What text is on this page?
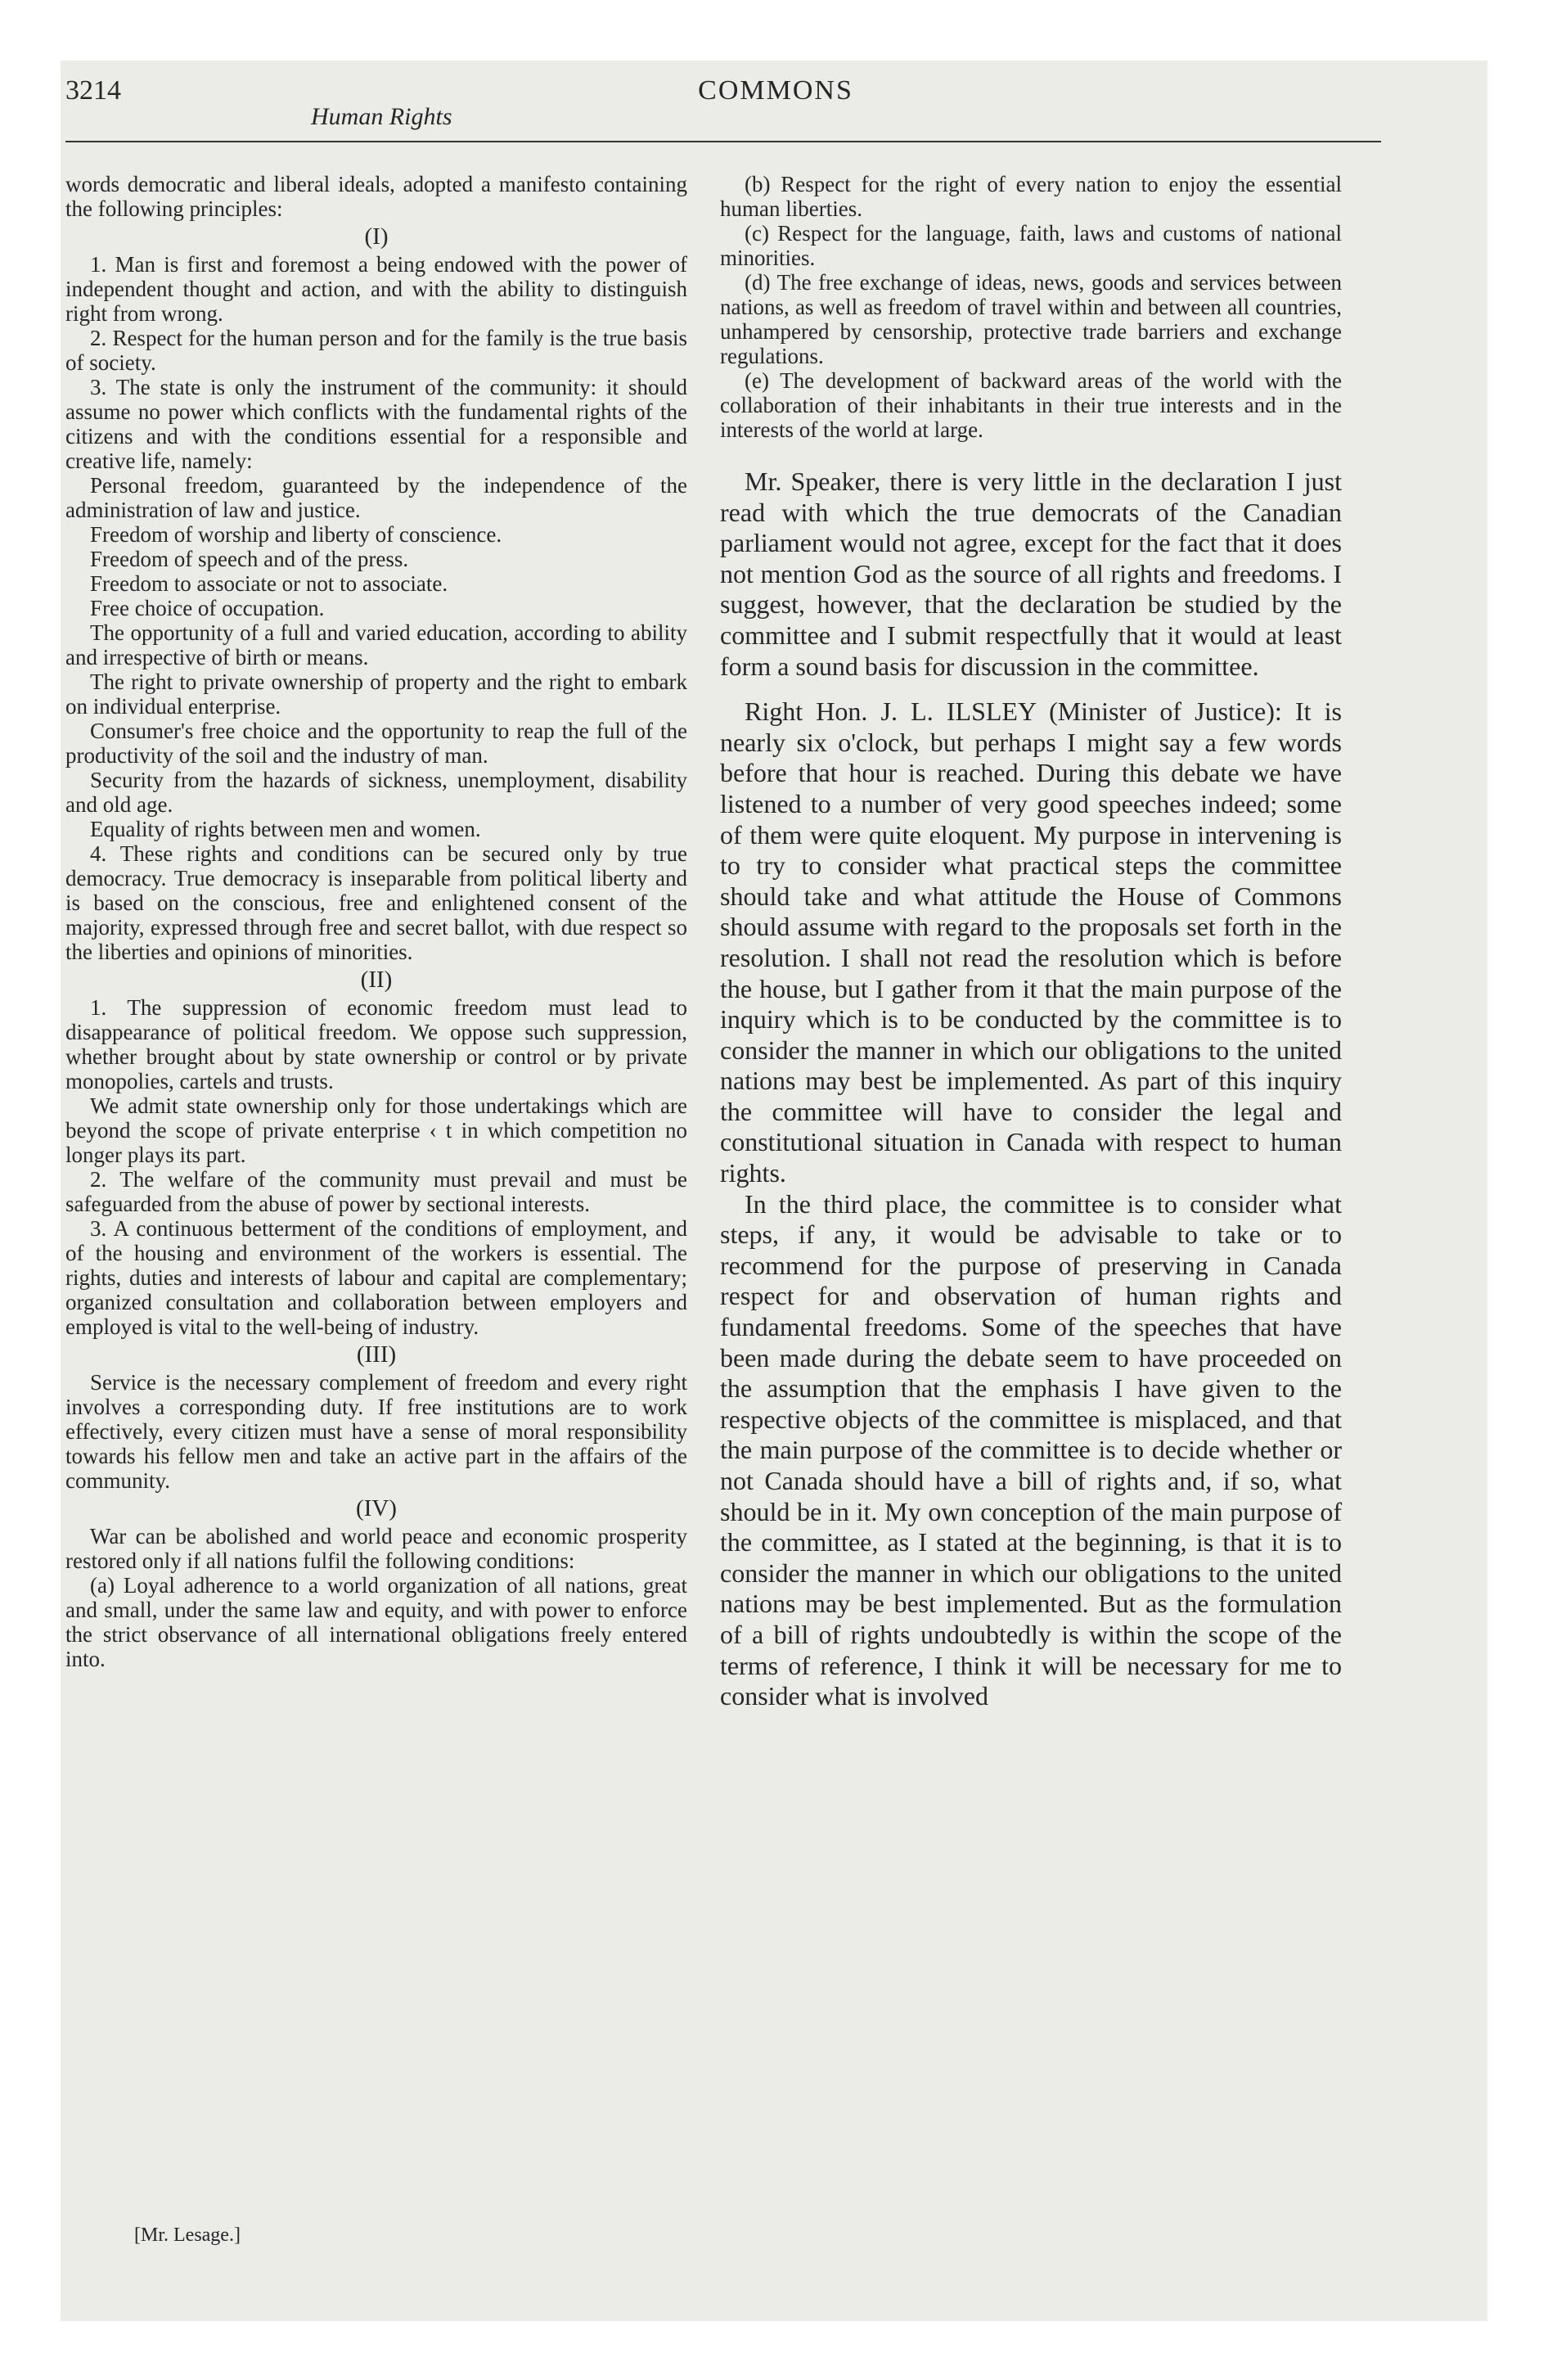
3214
Human Rights
COMMONS

words democratic and liberal ideals, adopted a manifesto containing the following principles:

(I)

1. Man is first and foremost a being endowed with the power of independent thought and action, and with the ability to distinguish right from wrong.

2. Respect for the human person and for the family is the true basis of society.

3. The state is only the instrument of the community: it should assume no power which conflicts with the fundamental rights of the citizens and with the conditions essential for a responsible and creative life, namely:

Personal freedom, guaranteed by the independence of the administration of law and justice.

Freedom of worship and liberty of conscience.

Freedom of speech and of the press.

Freedom to associate or not to associate.

Free choice of occupation.

The opportunity of a full and varied education, according to ability and irrespective of birth or means.

The right to private ownership of property and the right to embark on individual enterprise.

Consumer's free choice and the opportunity to reap the full of the productivity of the soil and the industry of man.

Security from the hazards of sickness, unemployment, disability and old age.

Equality of rights between men and women.

4. These rights and conditions can be secured only by true democracy. True democracy is inseparable from political liberty and is based on the conscious, free and enlightened consent of the majority, expressed through free and secret ballot, with due respect so the liberties and opinions of minorities.

(II)

1. The suppression of economic freedom must lead to disappearance of political freedom. We oppose such suppression, whether brought about by state ownership or control or by private monopolies, cartels and trusts.

We admit state ownership only for those undertakings which are beyond the scope of private enterprise ‹ t in which competition no longer plays its part.

2. The welfare of the community must prevail and must be safeguarded from the abuse of power by sectional interests.

3. A continuous betterment of the conditions of employment, and of the housing and environment of the workers is essential. The rights, duties and interests of labour and capital are complementary; organized consultation and collaboration between employers and employed is vital to the well-being of industry.

(III)

Service is the necessary complement of freedom and every right involves a corresponding duty. If free institutions are to work effectively, every citizen must have a sense of moral responsibility towards his fellow men and take an active part in the affairs of the community.

(IV)

War can be abolished and world peace and economic prosperity restored only if all nations fulfil the following conditions:

(a) Loyal adherence to a world organization of all nations, great and small, under the same law and equity, and with power to enforce the strict observance of all international obligations freely entered into.

[Mr. Lesage.]

(b) Respect for the right of every nation to enjoy the essential human liberties.

(c) Respect for the language, faith, laws and customs of national minorities.

(d) The free exchange of ideas, news, goods and services between nations, as well as freedom of travel within and between all countries, unhampered by censorship, protective trade barriers and exchange regulations.

(e) The development of backward areas of the world with the collaboration of their inhabitants in their true interests and in the interests of the world at large.

Mr. Speaker, there is very little in the declaration I just read with which the true democrats of the Canadian parliament would not agree, except for the fact that it does not mention God as the source of all rights and freedoms. I suggest, however, that the declaration be studied by the committee and I submit respectfully that it would at least form a sound basis for discussion in the committee.

Right Hon. J. L. ILSLEY (Minister of Justice): It is nearly six o'clock, but perhaps I might say a few words before that hour is reached. During this debate we have listened to a number of very good speeches indeed; some of them were quite eloquent. My purpose in intervening is to try to consider what practical steps the committee should take and what attitude the House of Commons should assume with regard to the proposals set forth in the resolution. I shall not read the resolution which is before the house, but I gather from it that the main purpose of the inquiry which is to be conducted by the committee is to consider the manner in which our obligations to the united nations may best be implemented. As part of this inquiry the committee will have to consider the legal and constitutional situation in Canada with respect to human rights.

In the third place, the committee is to consider what steps, if any, it would be advisable to take or to recommend for the purpose of preserving in Canada respect for and observation of human rights and fundamental freedoms. Some of the speeches that have been made during the debate seem to have proceeded on the assumption that the emphasis I have given to the respective objects of the committee is misplaced, and that the main purpose of the committee is to decide whether or not Canada should have a bill of rights and, if so, what should be in it. My own conception of the main purpose of the committee, as I stated at the beginning, is that it is to consider the manner in which our obligations to the united nations may be best implemented. But as the formulation of a bill of rights undoubtedly is within the scope of the terms of reference, I think it will be necessary for me to consider what is involved
